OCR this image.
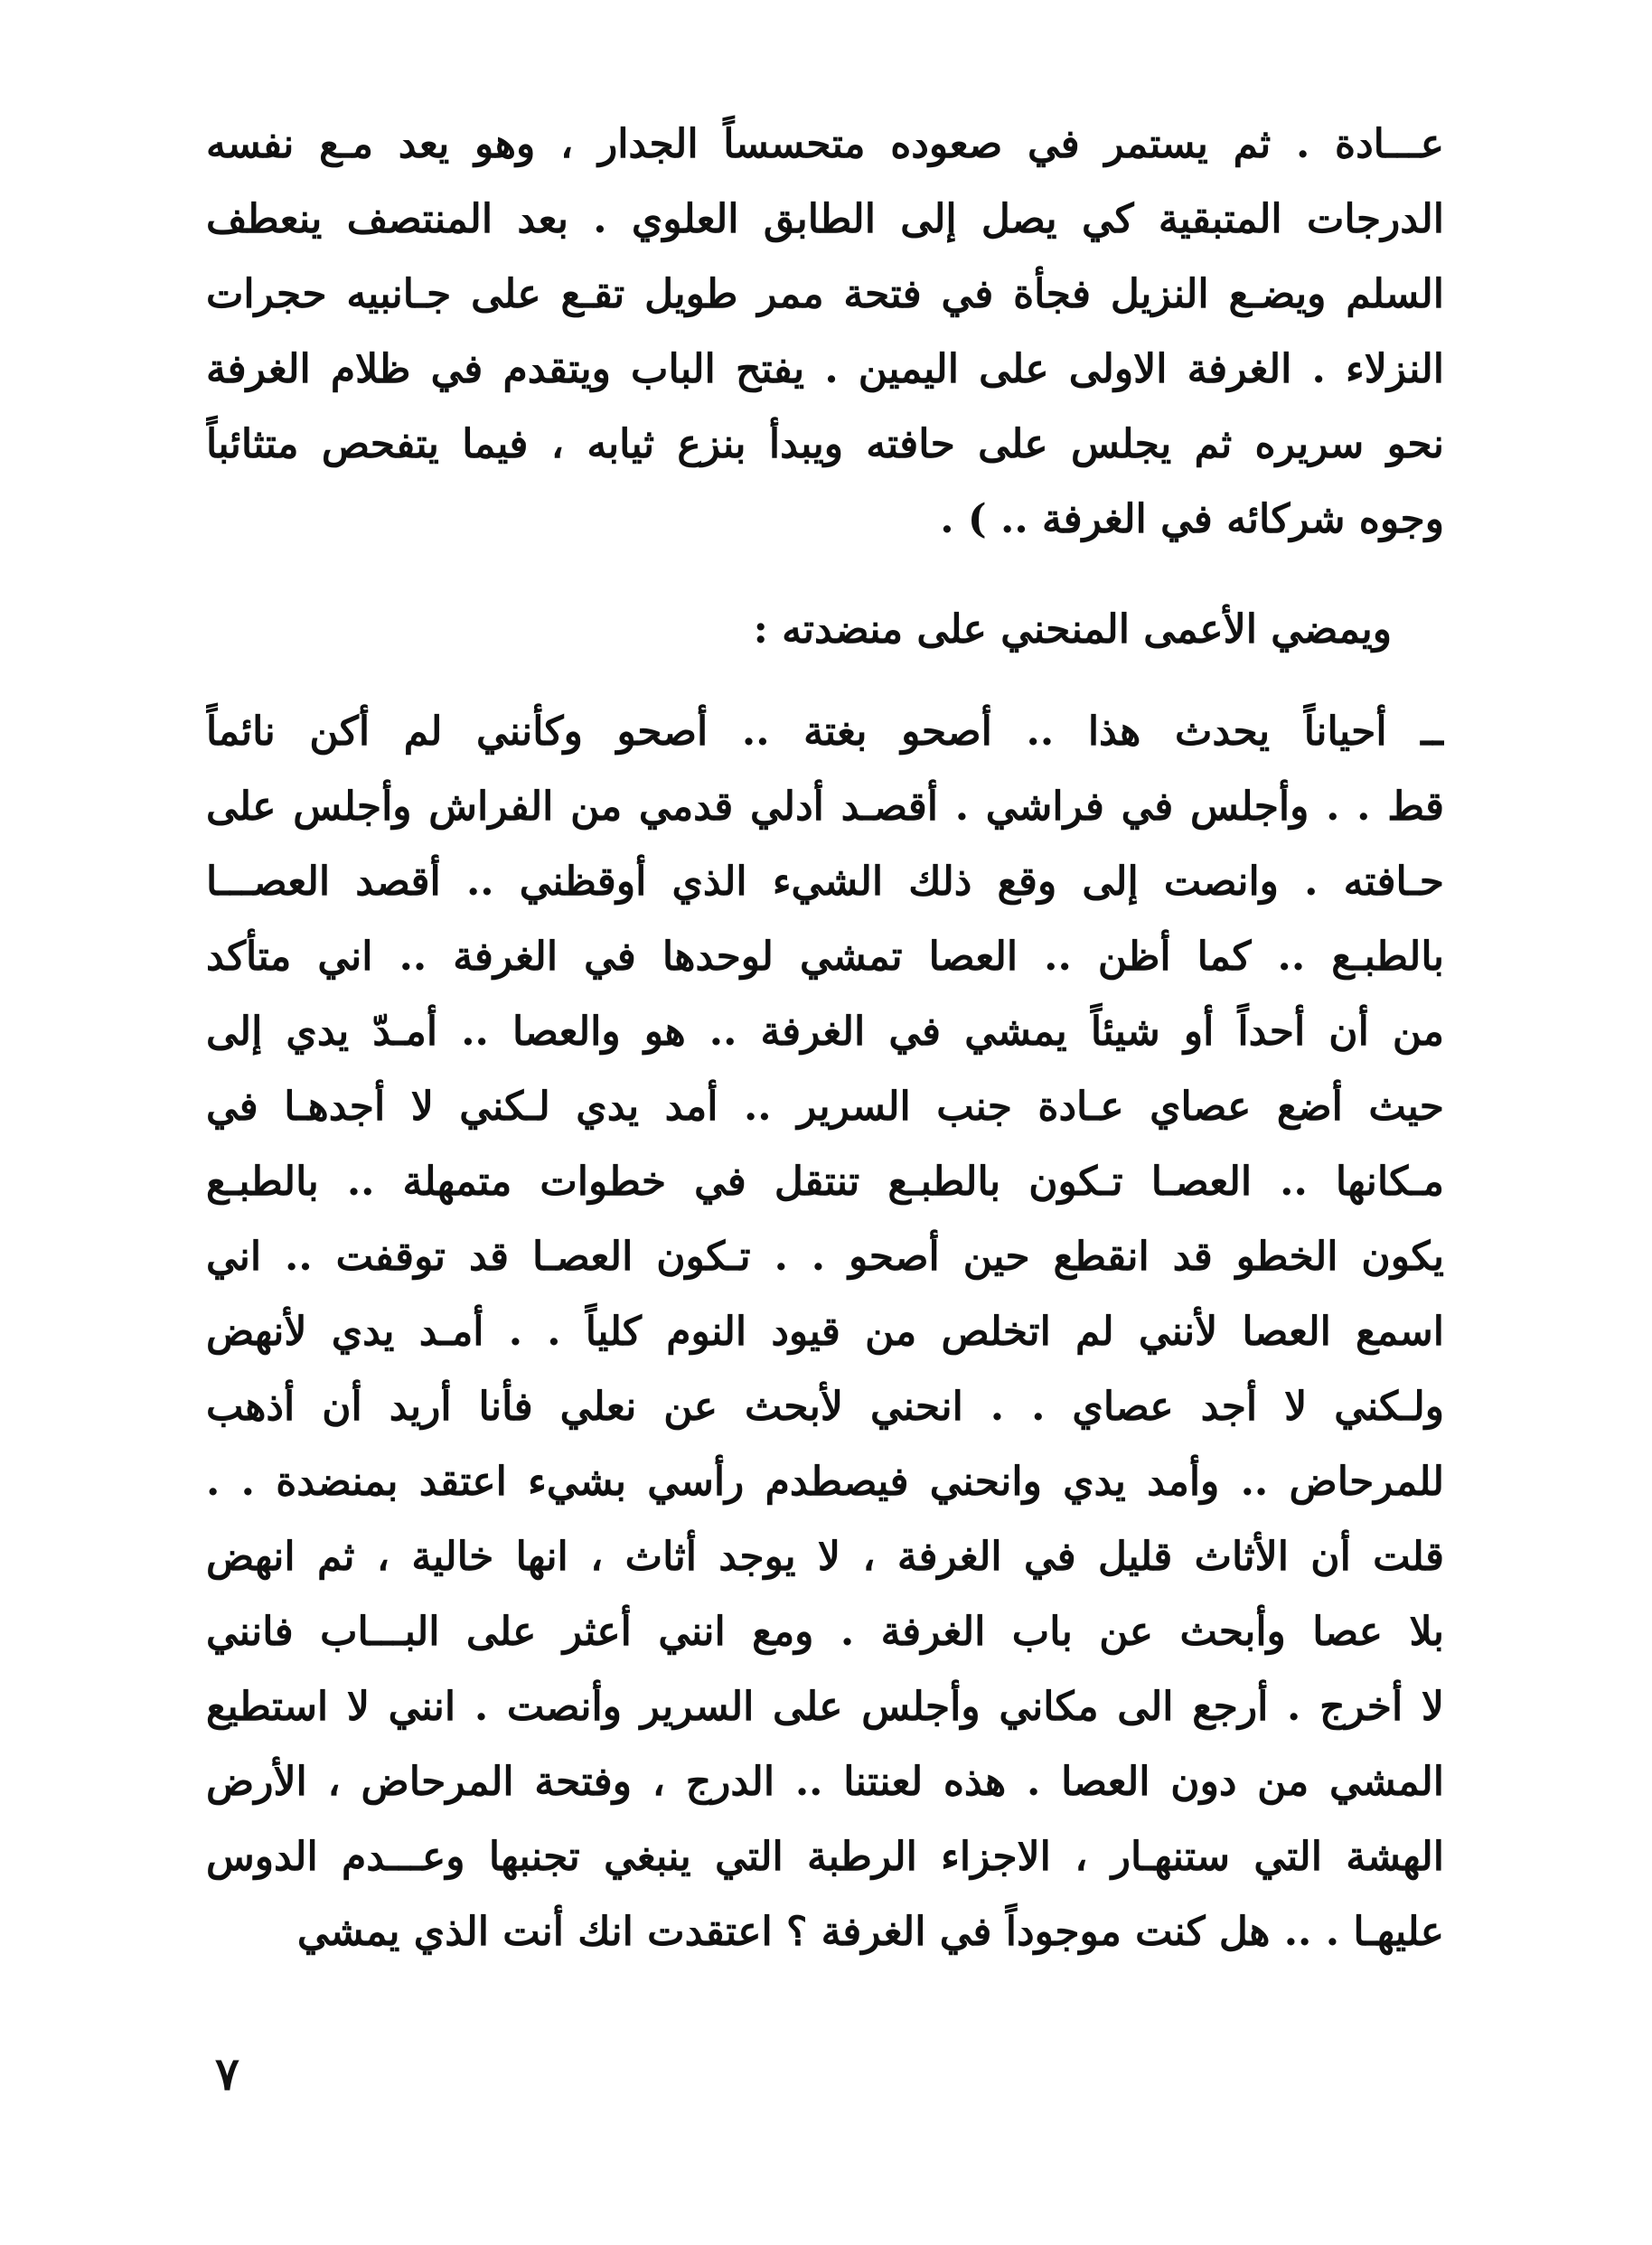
عـــادة . ثم يستمر في صعوده متحسساً الجدار ، وهو يعد مـع نفسه
الدرجات المتبقية كي يصل إلى الطابق العلوي . بعد المنتصف ينعطف
السلم ويضـع النزيل فجأة في فتحة ممر طويل تقـع على جـانبيه حجرات
النزلاء . الغرفة الاولى على اليمين . يفتح الباب ويتقدم في ظلام الغرفة
نحو سريره ثم يجلس على حافته ويبدأ بنزع ثيابه ، فيما يتفحص متثائباً
وجوه شركائه في الغرفة .. ) .
ويمضي الأعمى المنحني على منضدته :
ــ أحياناً يحدث هذا .. أصحو بغتة .. أصحو وكأنني لم أكن نائماً
قط . . وأجلس في فراشي . أقصـد أدلي قدمي من الفراش وأجلس على
حـافته . وانصت إلى وقع ذلك الشيء الذي أوقظني .. أقصد العصـــا
بالطبـع .. كما أظن .. العصا تمشي لوحدها في الغرفة .. اني متأكد
من أن أحداً أو شيئاً يمشي في الغرفة .. هو والعصا .. أمـدّ يدي إلى
حيث أضع عصاي عـادة جنب السرير .. أمد يدي لـكني لا أجدهـا في
مـكانها .. العصـا تـكون بالطبـع تنتقل في خطوات متمهلة .. بالطبـع
يكون الخطو قد انقطع حين أصحو . . تـكون العصـا قد توقفت .. اني
اسمع العصا لأنني لم اتخلص من قيود النوم كلياً . . أمـد يدي لأنهض
ولـكني لا أجد عصاي . . انحني لأبحث عن نعلي فأنا أريد أن أذهب
للمرحاض .. وأمد يدي وانحني فيصطدم رأسي بشيء اعتقد بمنضدة . .
قلت أن الأثاث قليل في الغرفة ، لا يوجد أثاث ، انها خالية ، ثم انهض
بلا عصا وأبحث عن باب الغرفة . ومع انني أعثر على البـــاب فانني
لا أخرج . أرجع الى مكاني وأجلس على السرير وأنصت . انني لا استطيع
المشي من دون العصا . هذه لعنتنا .. الدرج ، وفتحة المرحاض ، الأرض
الهشة التي ستنهـار ، الاجزاء الرطبة التي ينبغي تجنبها وعـــدم الدوس
عليهـا . .. هل كنت موجوداً في الغرفة ؟ اعتقدت انك أنت الذي يمشي
٧
